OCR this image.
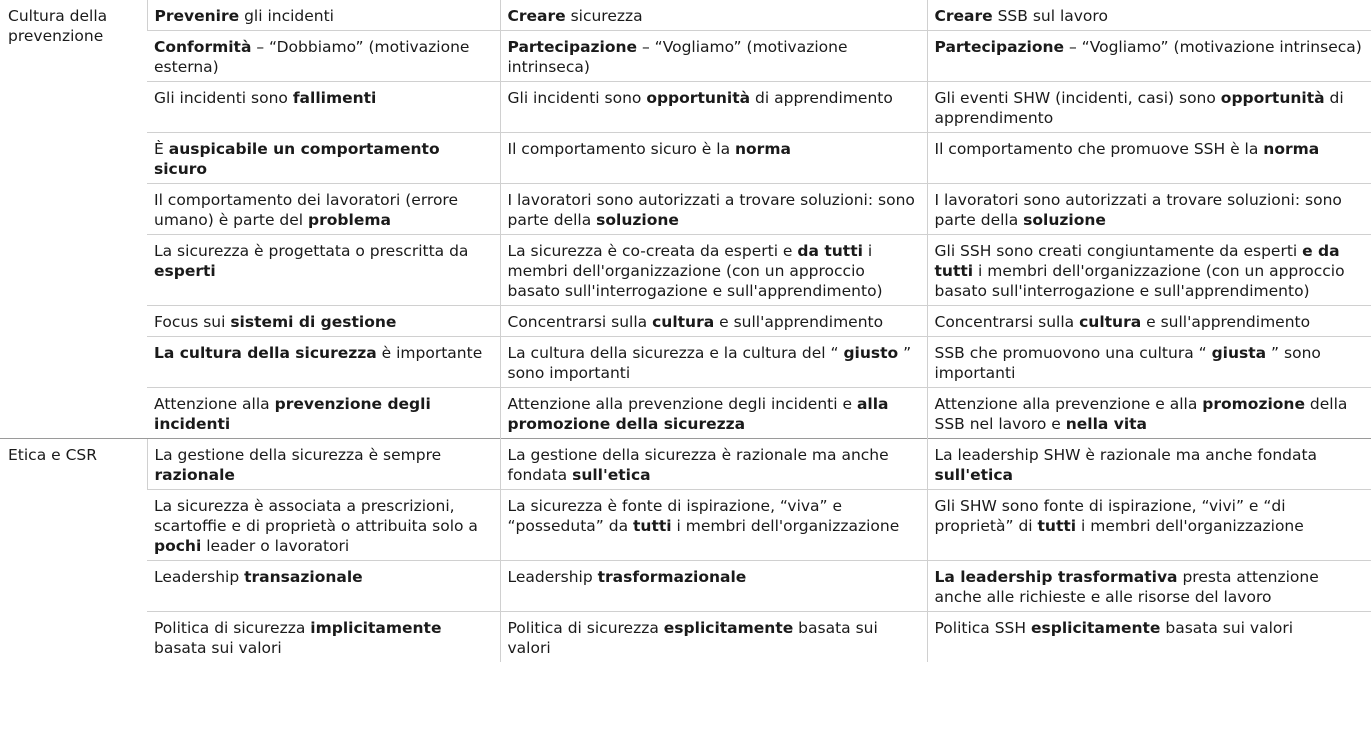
Cultura della prevenzione	Prevenire gli incidenti	Creare sicurezza	Creare SSB sul lavoro
	Conformità – “Dobbiamo” (motivazione esterna)	Partecipazione – “Vogliamo” (motivazione intrinseca)	Partecipazione – “Vogliamo” (motivazione intrinseca)
	Gli incidenti sono fallimenti	Gli incidenti sono opportunità di apprendimento	Gli eventi SHW (incidenti, casi) sono opportunità di apprendimento
	È auspicabile un comportamento sicuro	Il comportamento sicuro è la norma	Il comportamento che promuove SSH è la norma
	Il comportamento dei lavoratori (errore umano) è parte del problema	I lavoratori sono autorizzati a trovare soluzioni: sono parte della soluzione	I lavoratori sono autorizzati a trovare soluzioni: sono parte della soluzione
	La sicurezza è progettata o prescritta da esperti	La sicurezza è co-creata da esperti e da tutti i membri dell'organizzazione (con un approccio basato sull'interrogazione e sull'apprendimento)	Gli SSH sono creati congiuntamente da esperti e da tutti i membri dell'organizzazione (con un approccio basato sull'interrogazione e sull'apprendimento)
	Focus sui sistemi di gestione	Concentrarsi sulla cultura e sull'apprendimento	Concentrarsi sulla cultura e sull'apprendimento
	La cultura della sicurezza è importante	La cultura della sicurezza e la cultura del “ giusto ” sono importanti	SSB che promuovono una cultura “ giusta ” sono importanti
	Attenzione alla prevenzione degli incidenti	Attenzione alla prevenzione degli incidenti e alla promozione della sicurezza	Attenzione alla prevenzione e alla promozione della SSB nel lavoro e nella vita
Etica e CSR	La gestione della sicurezza è sempre razionale	La gestione della sicurezza è razionale ma anche fondata sull'etica	La leadership SHW è razionale ma anche fondata sull'etica
	La sicurezza è associata a prescrizioni, scartoffie e di proprietà o attribuita solo a pochi leader o lavoratori	La sicurezza è fonte di ispirazione, “viva” e “posseduta” da tutti i membri dell'organizzazione	Gli SHW sono fonte di ispirazione, “vivi” e “di proprietà” di tutti i membri dell'organizzazione
	Leadership transazionale	Leadership trasformazionale	La leadership trasformativa presta attenzione anche alle richieste e alle risorse del lavoro
	Politica di sicurezza implicitamente basata sui valori	Politica di sicurezza esplicitamente basata sui valori	Politica SSH esplicitamente basata sui valori
